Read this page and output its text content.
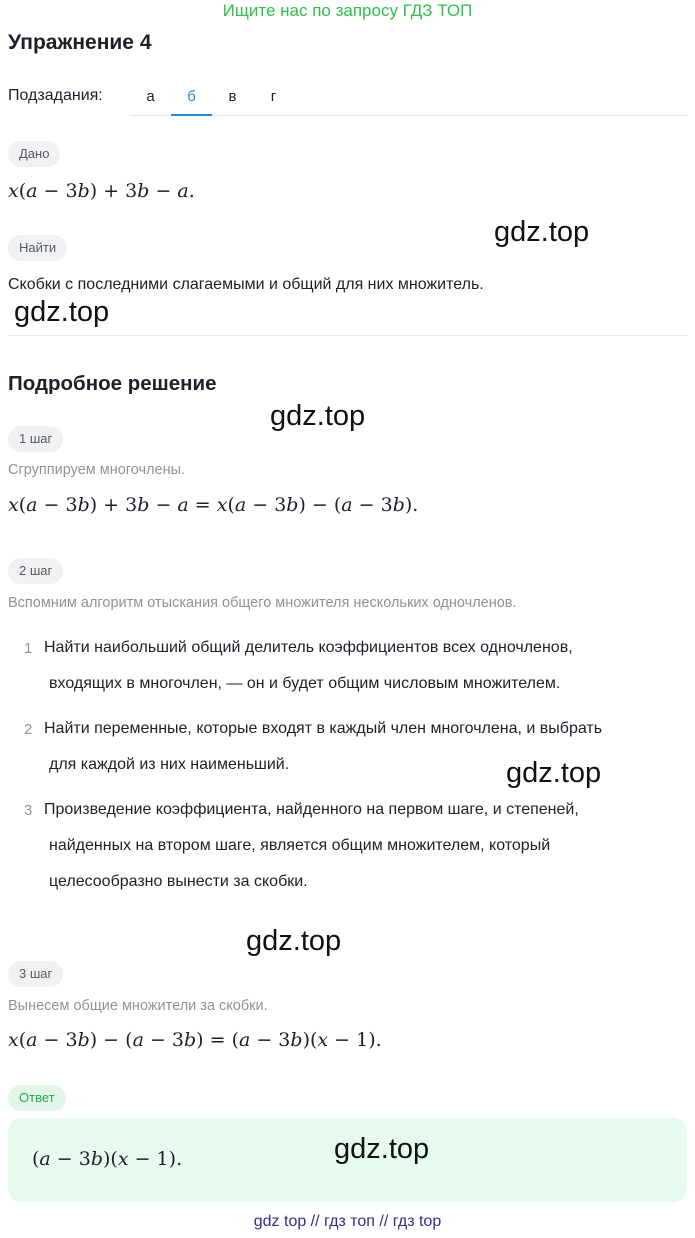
Ищите нас по запросу ГДЗ ТОП
Упражнение 4
Подзадания:	а	б	в	г
Дано
x(a − 3b) + 3b − a.
Найти
Скобки с последними слагаемыми и общий для них множитель.
Подробное решение
1 шаг
Сгруппируем многочлены.
x(a − 3b) + 3b − a = x(a − 3b) − (a − 3b).
2 шаг
Вспомним алгоритм отыскания общего множителя нескольких одночленов.
1 Найти наибольший общий делитель коэффициентов всех одночленов,
входящих в многочлен, — он и будет общим числовым множителем.
2 Найти переменные, которые входят в каждый член многочлена, и выбрать
для каждой из них наименьший.
3 Произведение коэффициента, найденного на первом шаге, и степеней,
найденных на втором шаге, является общим множителем, который
целесообразно вынести за скобки.
3 шаг
Вынесем общие множители за скобки.
x(a − 3b) − (a − 3b) = (a − 3b)(x − 1).
Ответ
(a − 3b)(x − 1).
gdz.top
gdz.top
gdz.top
gdz.top
gdz.top
gdz.top
gdz top // гдз топ // гдз top
